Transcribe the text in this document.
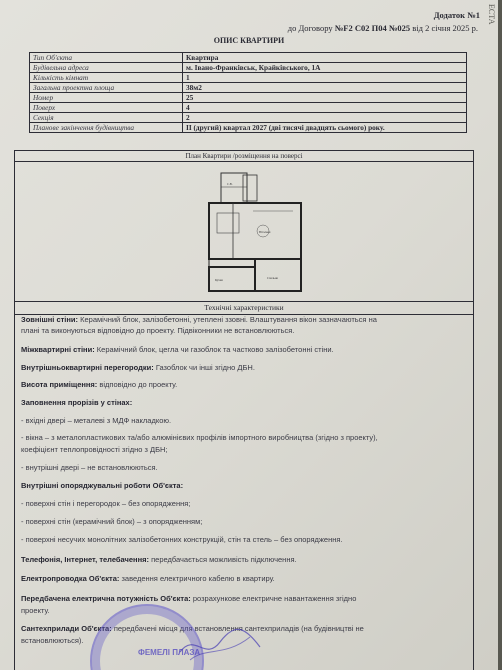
ЕСТА
Додаток №1
до Договору №F2 С02 П04 №025 від 2 січня 2025 р.
ОПИС КВАРТИРИ
Тип Об'єкта	Квартира
Будівельна адреса	м. Івано-Франківськ, Крайківського, 1А
Кількість кімнат	1
Загальна проектна площа	38м2
Номер	25
Поверх	4
Секція	2
Планове закінчення будівництва	II (другий) квартал 2027 (дві тисячі двадцять сьомого) року.
План Квартири /розміщення на поверсі
Вітальня
Кухня	Спальня
С.В.
Технічні характеристики

Зовнішні стіни: Керамічний блок, залізобетонні, утеплені ззовні. Влаштування вікон зазначаються на

плані та виконуються відповідно до проекту. Підвіконники не встановлюються.

Міжквартирні стіни: Керамічний блок, цегла чи газоблок та частково залізобетонні стіни.

Внутрішньоквартирні перегородки: Газоблок чи інші згідно ДБН.

Висота приміщення: відповідно до проекту.

Заповнення прорізів у стінах:

- вхідні двері – металеві з МДФ накладкою.

- вікна – з металопластикових та/або алюмінієвих профілів імпортного виробництва (згідно з проекту),

коефіцієнт теплопровідності згідно з ДБН;

- внутрішні двері – не встановлюються.

Внутрішні опоряджувальні роботи Об'єкта:

- поверхні стін і перегородок – без опорядження;

- поверхні стін (керамічний блок) – з опорядженням;

- поверхні несучих монолітних залізобетонних конструкцій, стін та стель – без опорядження.

Телефонія, Інтернет, телебачення: передбачається можливість підключення.

Електропроводка Об'єкта: заведення електричного кабелю в квартиру.

Передбачена електрична потужність Об'єкта: розрахункове електричне навантаження згідно

проекту.

Сантехприлади Об'єкта: передбачені місця для встановлення сантехприладів (на будівництві не

встановлюються).

ФЕМЕЛІ ПЛАЗА
